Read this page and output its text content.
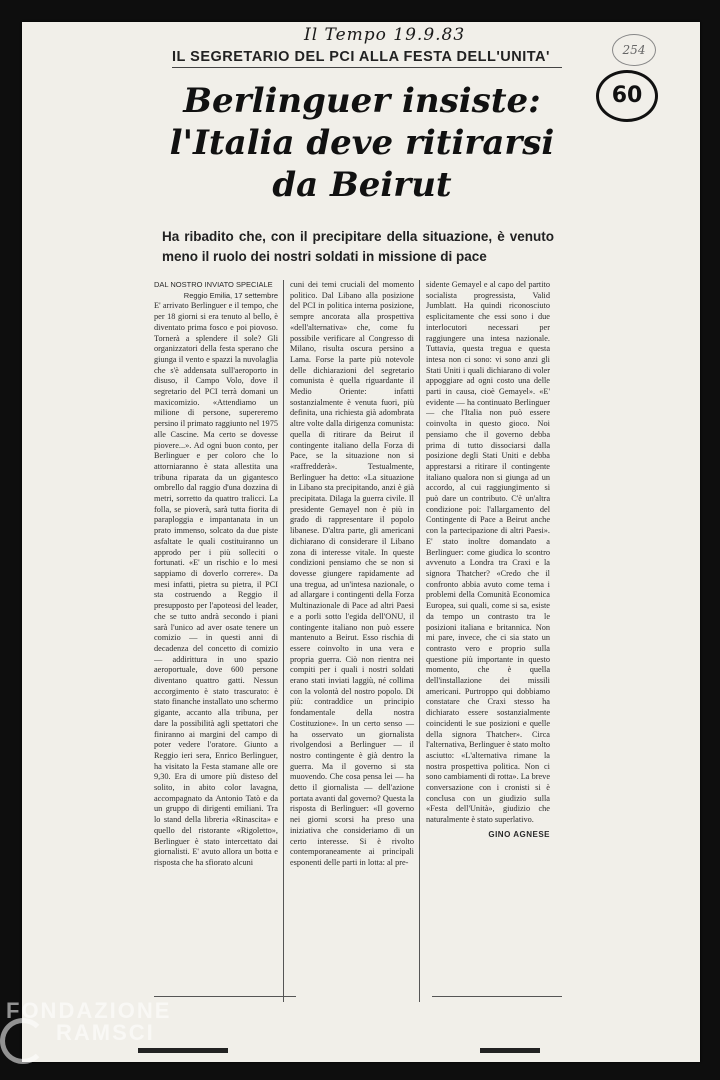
Il Tempo 19.9.83
254
60
IL SEGRETARIO DEL PCI ALLA FESTA DELL'UNITA'
Berlinguer insiste: l'Italia deve ritirarsi da Beirut

Ha ribadito che, con il precipitare della situazione, è venuto meno il ruolo dei nostri soldati in missione di pace

DAL NOSTRO INVIATO SPECIALE

Reggio Emilia, 17 settembre

E' arrivato Berlinguer e il tempo, che per 18 giorni si era tenuto al bello, è diventato prima fosco e poi piovoso. Tornerà a splendere il sole? Gli organizzatori della festa sperano che giunga il vento e spazzi la nuvolaglia che s'è addensata sull'aeroporto in disuso, il Campo Volo, dove il segretario del PCI terrà domani un maxicomizio. «Attendiamo un milione di persone, supereremo persino il primato raggiunto nel 1975 alle Cascine. Ma certo se dovesse piovere...». Ad ogni buon conto, per Berlinguer e per coloro che lo attorniaranno è stata allestita una tribuna riparata da un gigantesco ombrello dal raggio d'una dozzina di metri, sorretto da quattro tralicci. La folla, se pioverà, sarà tutta fiorita di paraploggia e impantanata in un prato immenso, solcato da due piste asfaltate le quali costituiranno un approdo per i più solleciti o fortunati. «E' un rischio e lo mesi sappiamo di doverlo correre». Da mesi infatti, pietra su pietra, il PCI sta costruendo a Reggio il presupposto per l'apoteosi del leader, che se tutto andrà secondo i piani sarà l'unico ad aver osate tenere un comizio — in questi anni di decadenza del concetto di comizio — addirittura in uno spazio aeroportuale, dove 600 persone diventano quattro gatti. Nessun accorgimento è stato trascurato: è stato finanche installato uno schermo gigante, accanto alla tribuna, per dare la possibilità agli spettatori che finiranno ai margini del campo di poter vedere l'oratore. Giunto a Reggio ieri sera, Enrico Berlinguer, ha visitato la Festa stamane alle ore 9,30. Era di umore più disteso del solito, in abito color lavagna, accompagnato da Antonio Tatò e da un gruppo di dirigenti emiliani. Tra lo stand della libreria «Rinascita» e quello del ristorante «Rigoletto», Berlinguer è stato intercettato dai giornalisti. E' avuto allora un botta e risposta che ha sfiorato alcuni

cuni dei temi cruciali del momento politico. Dal Libano alla posizione del PCI in politica interna posizione, sempre ancorata alla prospettiva «dell'alternativa» che, come fu possibile verificare al Congresso di Milano, risulta oscura persino a Lama. Forse la parte più notevole delle dichiarazioni del segretario comunista è quella riguardante il Medio Oriente: infatti sostanzialmente è venuta fuori, più definita, una richiesta già adombrata altre volte dalla dirigenza comunista: quella di ritirare da Beirut il contingente italiano della Forza di Pace, se la situazione non si «raffredderà». Testualmente, Berlinguer ha detto: «La situazione in Libano sta precipitando, anzi è già precipitata. Dilaga la guerra civile. Il presidente Gemayel non è più in grado di rappresentare il popolo libanese. D'altra parte, gli americani dichiarano di considerare il Libano zona di interesse vitale. In queste condizioni pensiamo che se non si dovesse giungere rapidamente ad una tregua, ad un'intesa nazionale, o ad allargare i contingenti della Forza Multinazionale di Pace ad altri Paesi e a porli sotto l'egida dell'ONU, il contingente italiano non può essere mantenuto a Beirut. Esso rischia di essere coinvolto in una vera e propria guerra. Ciò non rientra nei compiti per i quali i nostri soldati erano stati inviati laggiù, né collima con la volontà del nostro popolo. Di più: contraddice un principio fondamentale della nostra Costituzione». In un certo senso — ha osservato un giornalista rivolgendosi a Berlinguer — il nostro contingente è già dentro la guerra. Ma il governo si sta muovendo. Che cosa pensa lei — ha detto il giornalista — dell'azione portata avanti dal governo? Questa la risposta di Berlinguer: «Il governo nei giorni scorsi ha preso una iniziativa che consideriamo di un certo interesse. Si è rivolto contemporaneamente ai principali esponenti delle parti in lotta: al pre-

sidente Gemayel e al capo del partito socialista progressista, Valid Jumblatt. Ha quindi riconosciuto esplicitamente che essi sono i due interlocutori necessari per raggiungere una intesa nazionale. Tuttavia, questa tregua e questa intesa non ci sono: vi sono anzi gli Stati Uniti i quali dichiarano di voler appoggiare ad ogni costo una delle parti in causa, cioè Gemayel». «E' evidente — ha continuato Berlinguer — che l'Italia non può essere coinvolta in questo gioco. Noi pensiamo che il governo debba prima di tutto dissociarsi dalla posizione degli Stati Uniti e debba apprestarsi a ritirare il contingente italiano qualora non si giunga ad un accordo, al cui raggiungimento si può dare un contributo. C'è un'altra condizione poi: l'allargamento del Contingente di Pace a Beirut anche con la partecipazione di altri Paesi». E' stato inoltre domandato a Berlinguer: come giudica lo scontro avvenuto a Londra tra Craxi e la signora Thatcher? «Credo che il confronto abbia avuto come tema i problemi della Comunità Economica Europea, sui quali, come si sa, esiste da tempo un contrasto tra le posizioni italiana e britannica. Non mi pare, invece, che ci sia stato un contrasto vero e proprio sulla questione più importante in questo momento, che è quella dell'installazione dei missili americani. Purtroppo qui dobbiamo constatare che Craxi stesso ha dichiarato essere sostanzialmente coincidenti le sue posizioni e quelle della signora Thatcher». Circa l'alternativa, Berlinguer è stato molto asciutto: «L'alternativa rimane la nostra prospettiva politica. Non ci sono cambiamenti di rotta». La breve conversazione con i cronisti si è conclusa con un giudizio sulla «Festa dell'Unità», giudizio che naturalmente è stato superlativo.

GINO AGNESE
FONDAZIONE
RAMSCI
